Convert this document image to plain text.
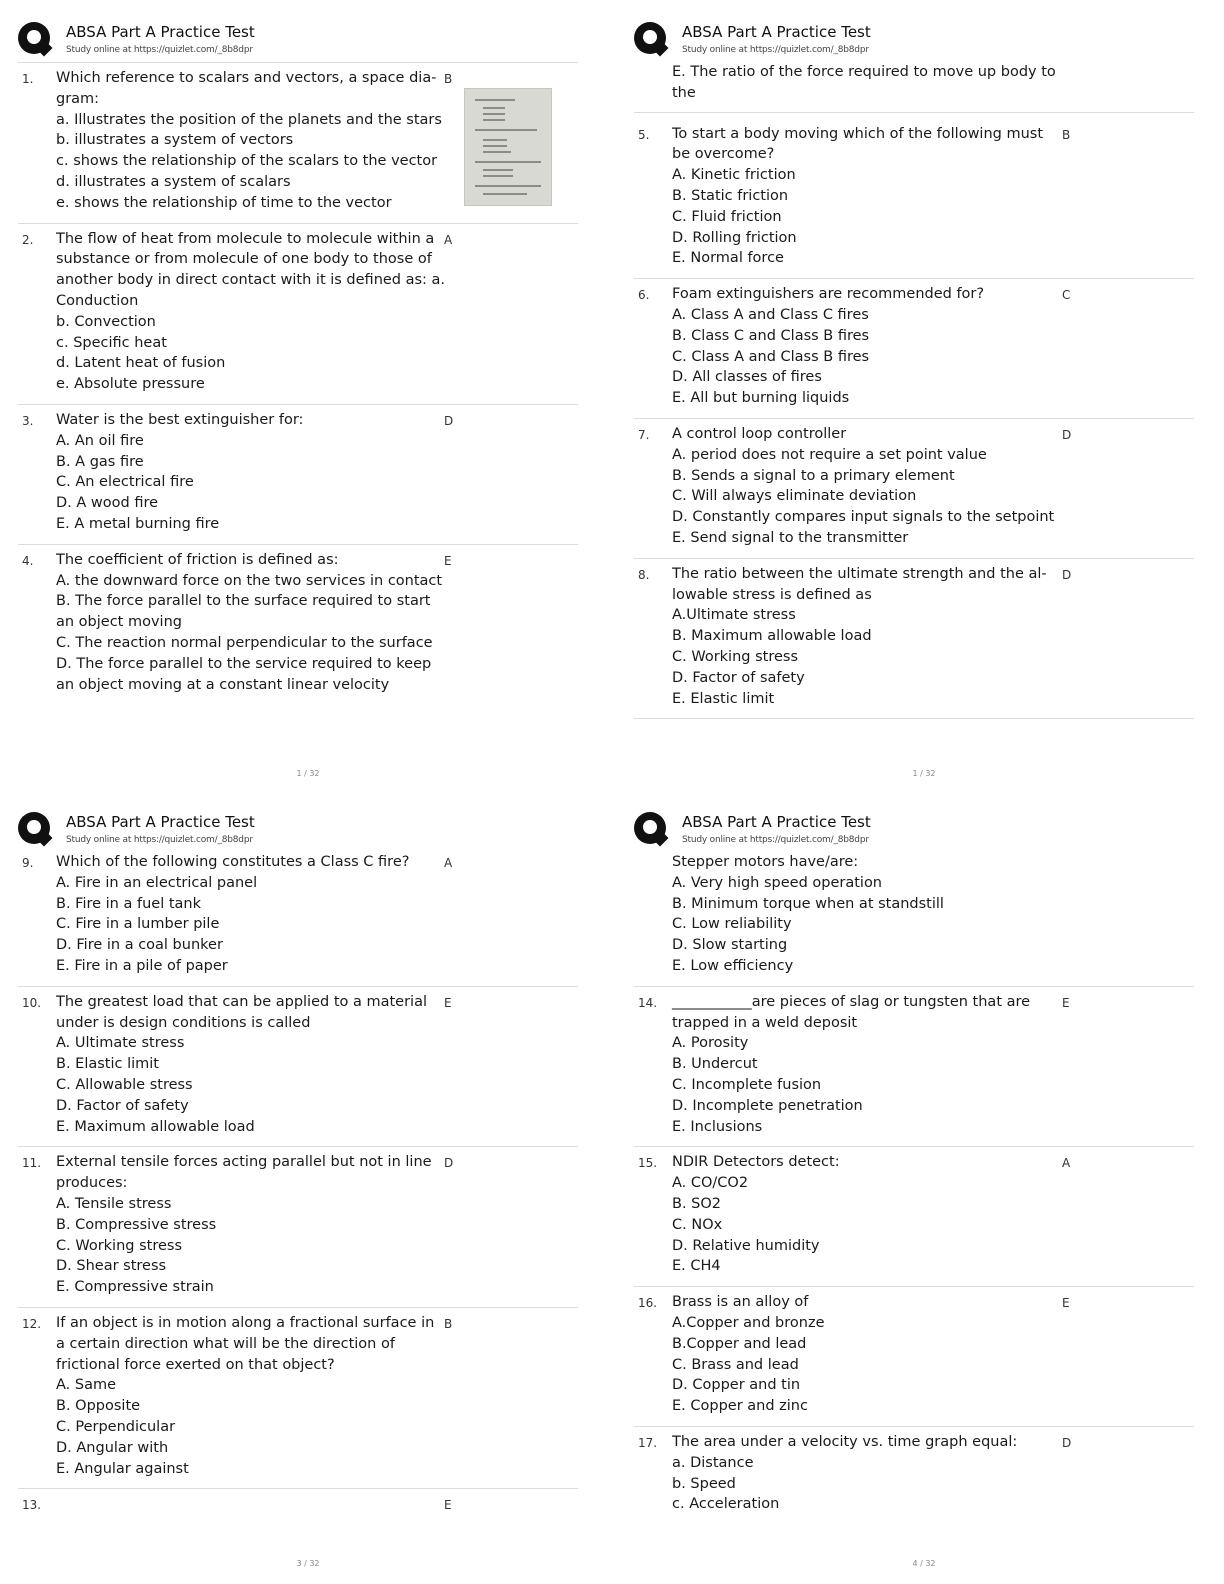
ABSA Part A Practice Test
Study online at https://quizlet.com/_8b8dpr
1. Which reference to scalars and vectors, a space dia-gram:
a. Illustrates the position of the planets and the stars
b. illustrates a system of vectors
c. shows the relationship of the scalars to the vector
d. illustrates a system of scalars
e. shows the relationship of time to the vector
B
2. The flow of heat from molecule to molecule within a substance or from molecule of one body to those of another body in direct contact with it is defined as: a. Conduction
b. Convection
c. Specific heat
d. Latent heat of fusion
e. Absolute pressure
A
3. Water is the best extinguisher for:
A. An oil fire
B. A gas fire
C. An electrical fire
D. A wood fire
E. A metal burning fire
D
4. The coefficient of friction is defined as:
A. the downward force on the two services in contact
B. The force parallel to the surface required to start an object moving
C. The reaction normal perpendicular to the surface
D. The force parallel to the service required to keep an object moving at a constant linear velocity
E
1 / 32
ABSA Part A Practice Test
Study online at https://quizlet.com/_8b8dpr
E. The ratio of the force required to move up body to the
5. To start a body moving which of the following must be overcome?
A. Kinetic friction
B. Static friction
C. Fluid friction
D. Rolling friction
E. Normal force
B
6. Foam extinguishers are recommended for?
A. Class A and Class C fires
B. Class C and Class B fires
C. Class A and Class B fires
D. All classes of fires
E. All but burning liquids
C
7. A control loop controller
A. period does not require a set point value
B. Sends a signal to a primary element
C. Will always eliminate deviation
D. Constantly compares input signals to the setpoint
E. Send signal to the transmitter
D
8. The ratio between the ultimate strength and the al-lowable stress is defined as
A.Ultimate stress
B. Maximum allowable load
C. Working stress
D. Factor of safety
E. Elastic limit
D
1 / 32
ABSA Part A Practice Test
Study online at https://quizlet.com/_8b8dpr
9. Which of the following constitutes a Class C fire?
A. Fire in an electrical panel
B. Fire in a fuel tank
C. Fire in a lumber pile
D. Fire in a coal bunker
E. Fire in a pile of paper
A
10. The greatest load that can be applied to a material under is design conditions is called
A. Ultimate stress
B. Elastic limit
C. Allowable stress
D. Factor of safety
E. Maximum allowable load
E
11. External tensile forces acting parallel but not in line produces:
A. Tensile stress
B. Compressive stress
C. Working stress
D. Shear stress
E. Compressive strain
D
12. If an object is in motion along a fractional surface in a certain direction what will be the direction of frictional force exerted on that object?
A. Same
B. Opposite
C. Perpendicular
D. Angular with
E. Angular against
B
13.	E
3 / 32
ABSA Part A Practice Test
Study online at https://quizlet.com/_8b8dpr
Stepper motors have/are:
A. Very high speed operation
B. Minimum torque when at standstill
C. Low reliability
D. Slow starting
E. Low efficiency
14. ___________are pieces of slag or tungsten that are trapped in a weld deposit
A. Porosity
B. Undercut
C. Incomplete fusion
D. Incomplete penetration
E. Inclusions
E
15. NDIR Detectors detect:
A. CO/CO2
B. SO2
C. NOx
D. Relative humidity
E. CH4
A
16. Brass is an alloy of
A.Copper and bronze
B.Copper and lead
C. Brass and lead
D. Copper and tin
E. Copper and zinc
E
17. The area under a velocity vs. time graph equal:
a. Distance
b. Speed
c. Acceleration
D
4 / 32
